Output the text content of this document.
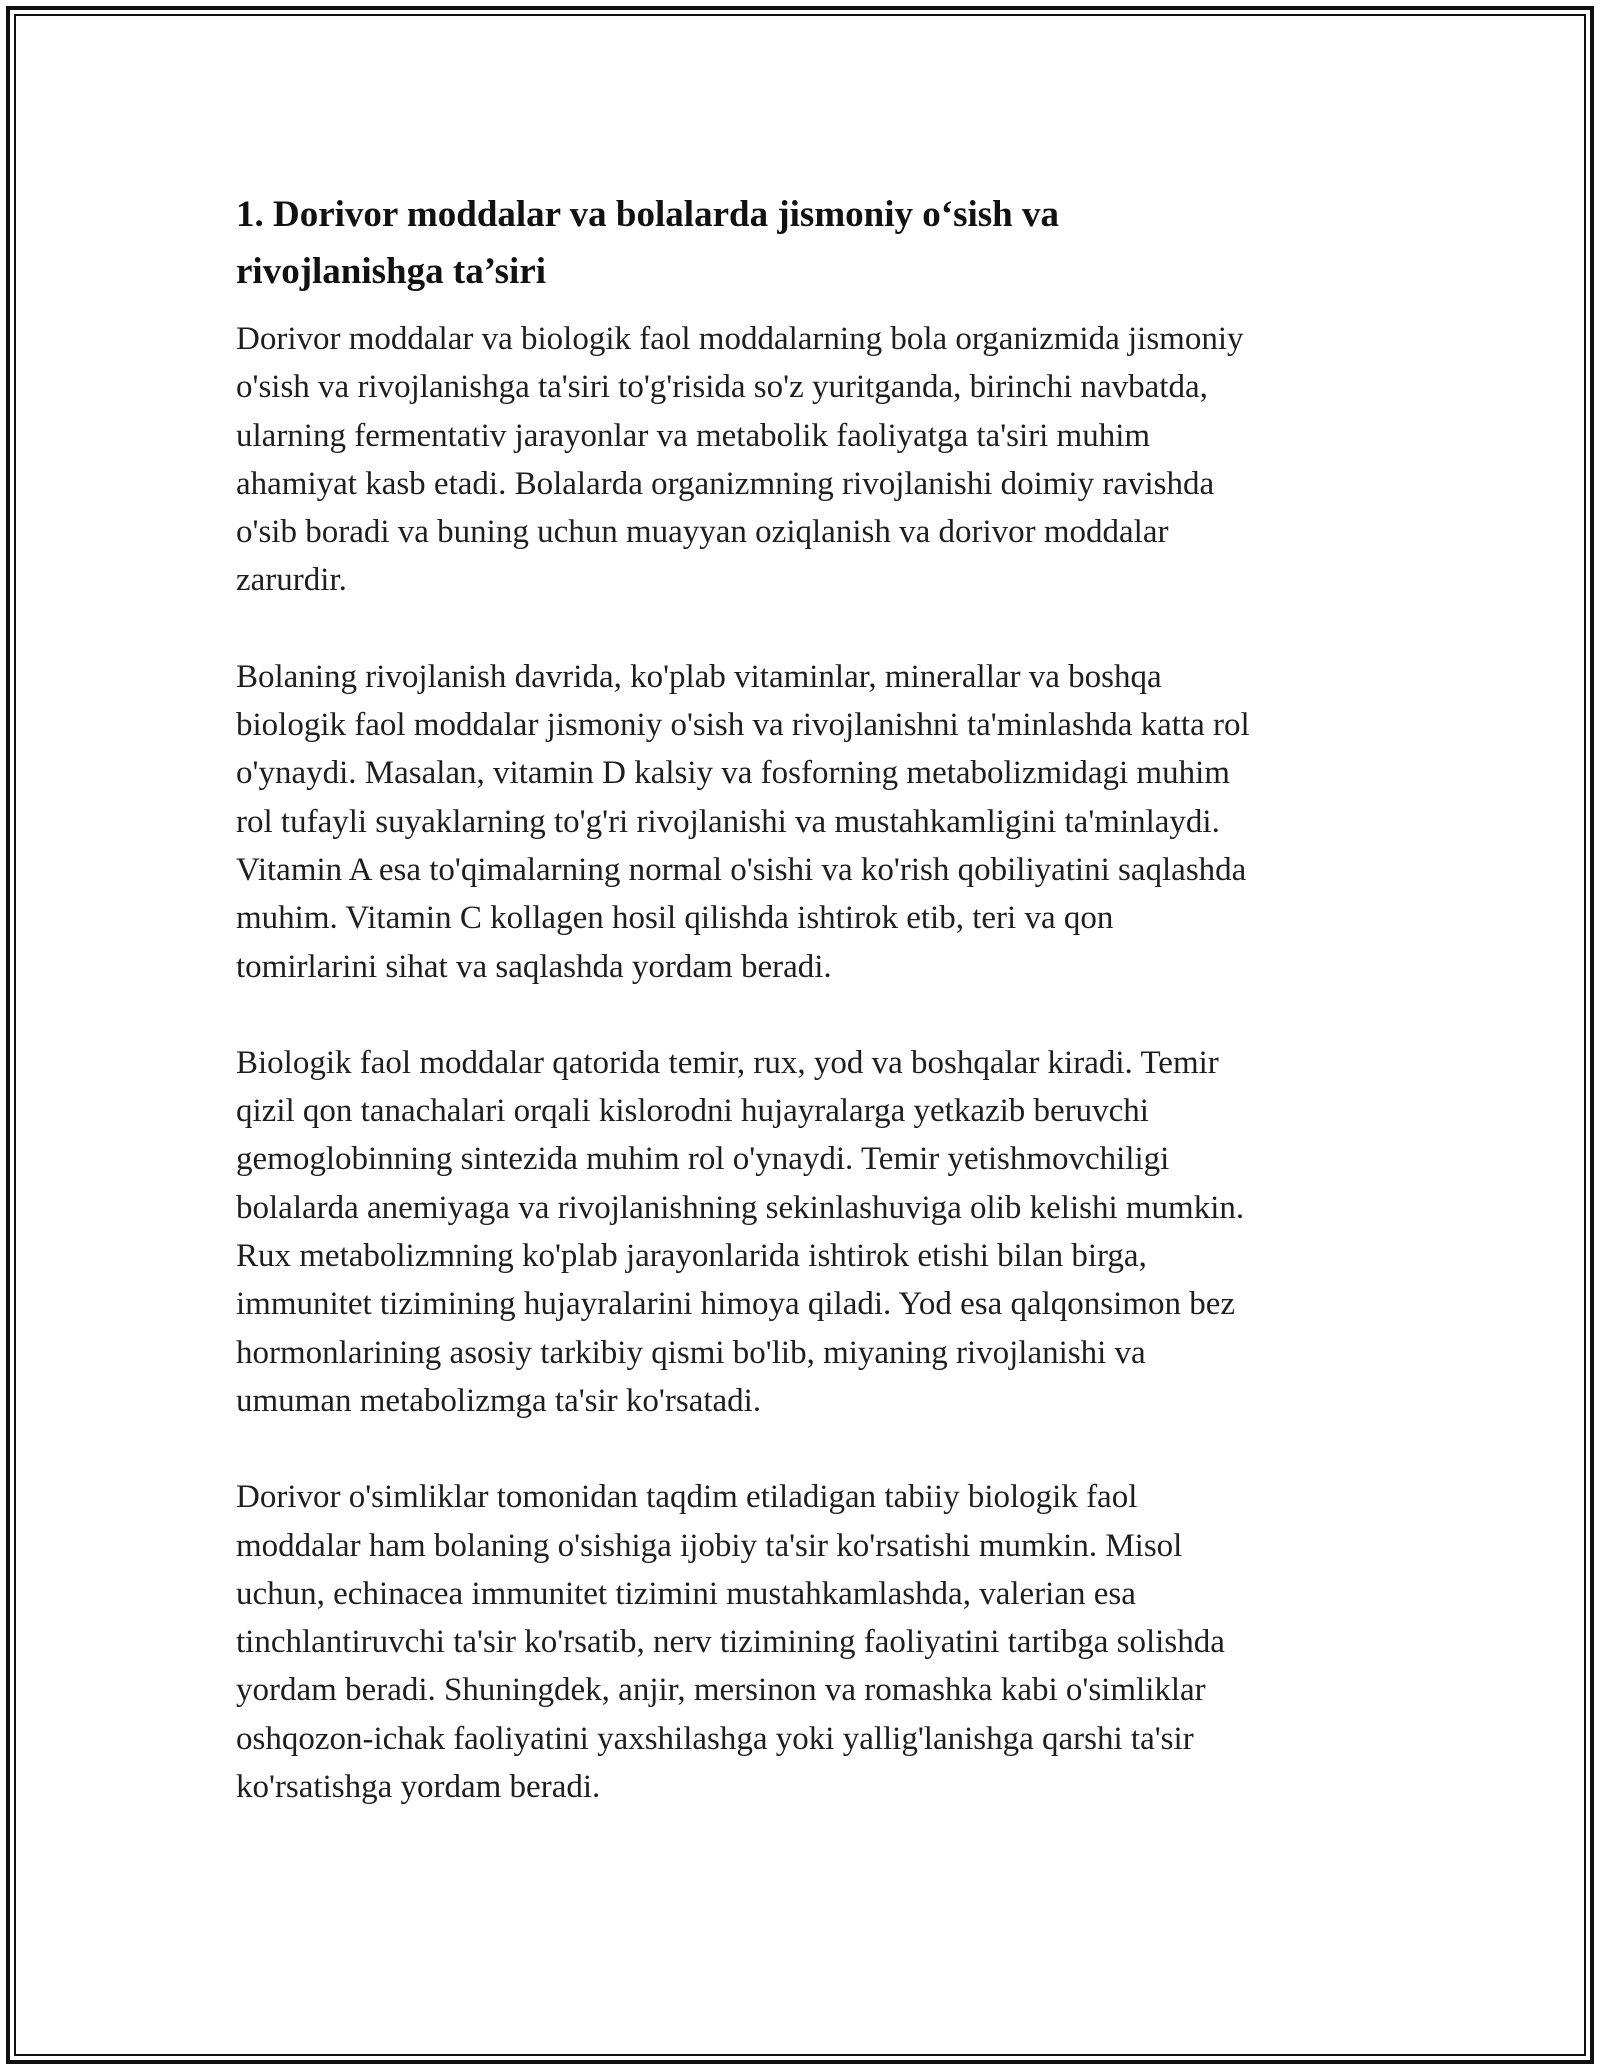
1. Dorivor moddalar va bolalarda jismoniy o‘sish va
rivojlanishga ta’siri

Dorivor moddalar va biologik faol moddalarning bola organizmida jismoniy
o'sish va rivojlanishga ta'siri to'g'risida so'z yuritganda, birinchi navbatda,
ularning fermentativ jarayonlar va metabolik faoliyatga ta'siri muhim
ahamiyat kasb etadi. Bolalarda organizmning rivojlanishi doimiy ravishda
o'sib boradi va buning uchun muayyan oziqlanish va dorivor moddalar
zarurdir.

Bolaning rivojlanish davrida, ko'plab vitaminlar, minerallar va boshqa
biologik faol moddalar jismoniy o'sish va rivojlanishni ta'minlashda katta rol
o'ynaydi. Masalan, vitamin D kalsiy va fosforning metabolizmidagi muhim
rol tufayli suyaklarning to'g'ri rivojlanishi va mustahkamligini ta'minlaydi.
Vitamin A esa to'qimalarning normal o'sishi va ko'rish qobiliyatini saqlashda
muhim. Vitamin C kollagen hosil qilishda ishtirok etib, teri va qon
tomirlarini sihat va saqlashda yordam beradi.

Biologik faol moddalar qatorida temir, rux, yod va boshqalar kiradi. Temir
qizil qon tanachalari orqali kislorodni hujayralarga yetkazib beruvchi
gemoglobinning sintezida muhim rol o'ynaydi. Temir yetishmovchiligi
bolalarda anemiyaga va rivojlanishning sekinlashuviga olib kelishi mumkin.
Rux metabolizmning ko'plab jarayonlarida ishtirok etishi bilan birga,
immunitet tizimining hujayralarini himoya qiladi. Yod esa qalqonsimon bez
hormonlarining asosiy tarkibiy qismi bo'lib, miyaning rivojlanishi va
umuman metabolizmga ta'sir ko'rsatadi.

Dorivor o'simliklar tomonidan taqdim etiladigan tabiiy biologik faol
moddalar ham bolaning o'sishiga ijobiy ta'sir ko'rsatishi mumkin. Misol
uchun, echinacea immunitet tizimini mustahkamlashda, valerian esa
tinchlantiruvchi ta'sir ko'rsatib, nerv tizimining faoliyatini tartibga solishda
yordam beradi. Shuningdek, anjir, mersinon va romashka kabi o'simliklar
oshqozon-ichak faoliyatini yaxshilashga yoki yallig'lanishga qarshi ta'sir
ko'rsatishga yordam beradi.
